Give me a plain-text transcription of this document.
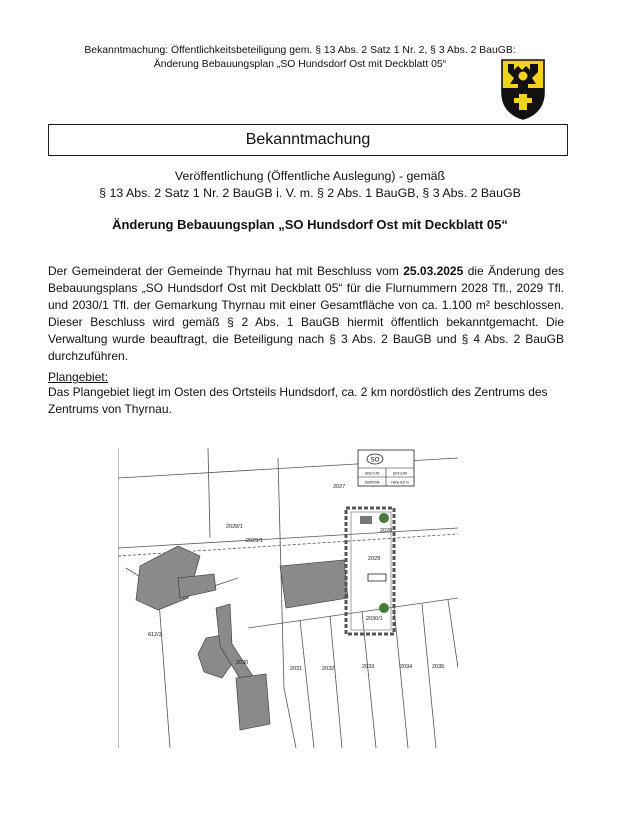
Bekanntmachung: Öffentlichkeitsbeteiligung gem. § 13 Abs. 2 Satz 1 Nr. 2, § 3 Abs. 2 BauGB:
Änderung Bebauungsplan „SO Hundsdorf Ost mit Deckblatt 05“
Bekanntmachung
Veröffentlichung (Öffentliche Auslegung) - gemäß
§ 13 Abs. 2 Satz 1 Nr. 2 BauGB i. V. m. § 2 Abs. 1 BauGB, § 3 Abs. 2 BauGB
Änderung Bebauungsplan „SO Hundsdorf Ost mit Deckblatt 05“
Der Gemeinderat der Gemeinde Thyrnau hat mit Beschluss vom 25.03.2025 die Änderung des Bebauungsplans „SO Hundsdorf Ost mit Deckblatt 05“ für die Flurnummern 2028 Tfl., 2029 Tfl. und 2030/1 Tfl. der Gemarkung Thyrnau mit einer Gesamtfläche von ca. 1.100 m² beschlossen. Dieser Beschluss wird gemäß § 2 Abs. 1 BauGB hiermit öffentlich bekanntgemacht. Die Verwaltung wurde beauftragt, die Beteiligung nach § 3 Abs. 2 BauGB und § 4 Abs. 2 BauGB durchzuführen.
Plangebiet:
Das Plangebiet liegt im Osten des Ortsteils Hundsdorf, ca. 2 km nordöstlich des Zentrums des Zentrums von Thyrnau.
SO
GRZ 0,45	GFZ 0,80
SO/PDVB	Höhe 8,5 m
2027
2028/1
2029/1
2028
2029
2030/1
612/3
2030
2031	2032	2033	2034	2035
